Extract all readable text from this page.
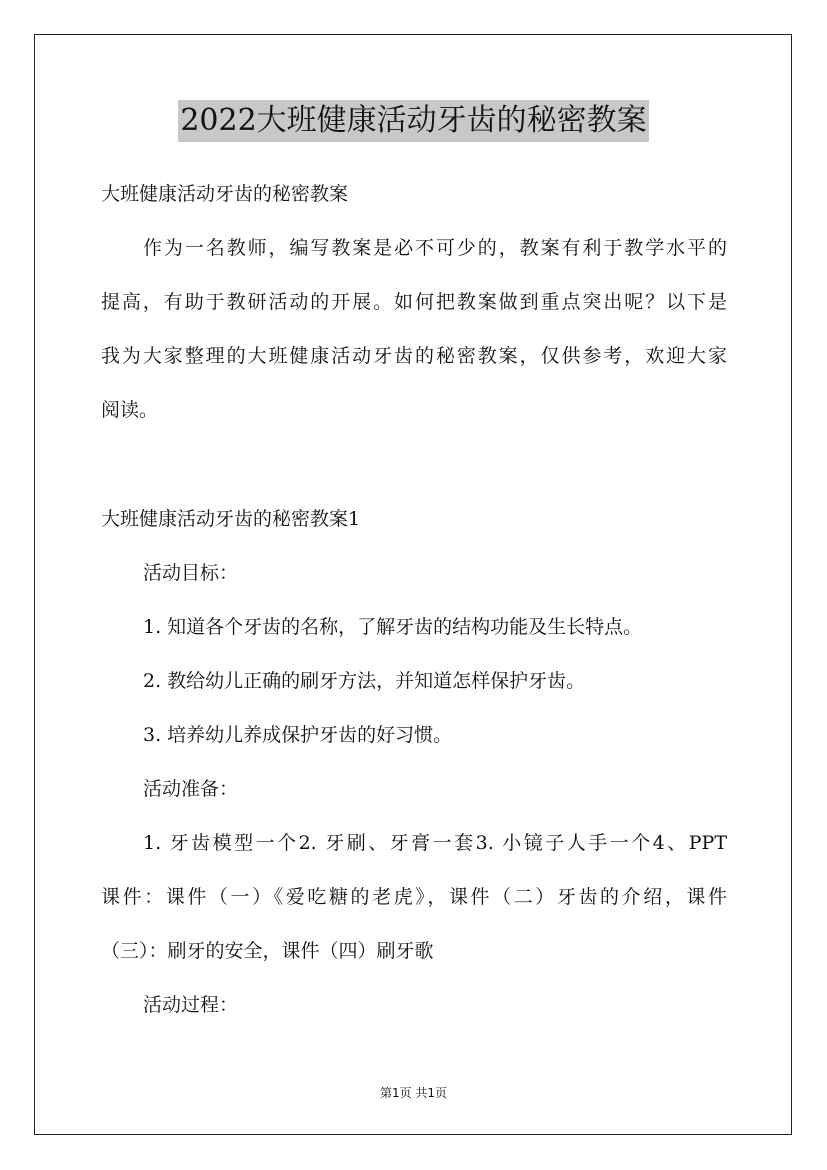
2022大班健康活动牙齿的秘密教案
大班健康活动牙齿的秘密教案
作为一名教师，编写教案是必不可少的，教案有利于教学水平的
提高，有助于教研活动的开展。如何把教案做到重点突出呢？以下是
我为大家整理的大班健康活动牙齿的秘密教案，仅供参考，欢迎大家
阅读。
大班健康活动牙齿的秘密教案1
活动目标：
1. 知道各个牙齿的名称，了解牙齿的结构功能及生长特点。
2. 教给幼儿正确的刷牙方法，并知道怎样保护牙齿。
3. 培养幼儿养成保护牙齿的好习惯。
活动准备：
1. 牙齿模型一个2. 牙刷、牙膏一套3. 小镜子人手一个4、PPT
课件：课件（一）《爱吃糖的老虎》，课件（二）牙齿的介绍，课件
（三）：刷牙的安全，课件（四）刷牙歌
活动过程：
第1页 共1页
